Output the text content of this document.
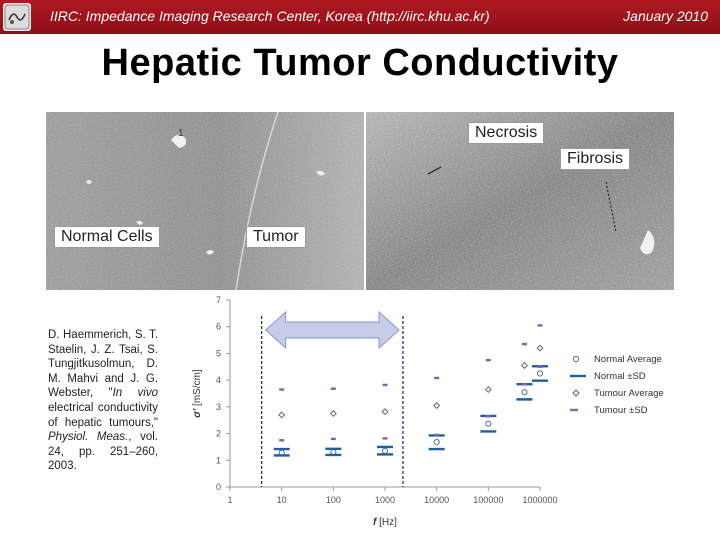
IIRC: Impedance Imaging Research Center, Korea (http://iirc.khu.ac.kr)	January 2010
Hepatic Tumor Conductivity
Normal Cells	Tumor
1	Necrosis
Fibrosis
D. Haemmerich, S. T. Staelin, J. Z. Tsai, S. Tungjitkusolmun, D. M. Mahvi and J. G. Webster, "In vivo electrical conductivity of hepatic tumours," Physiol. Meas., vol. 24, pp. 251–260, 2003.
0
1
2
3
4
5
6
7
1	10	100	1000	10000	100000 1000000
f [Hz]
σ' [mS/cm]
Normal Average
Normal ±SD
Tumour Average
Tumour ±SD
